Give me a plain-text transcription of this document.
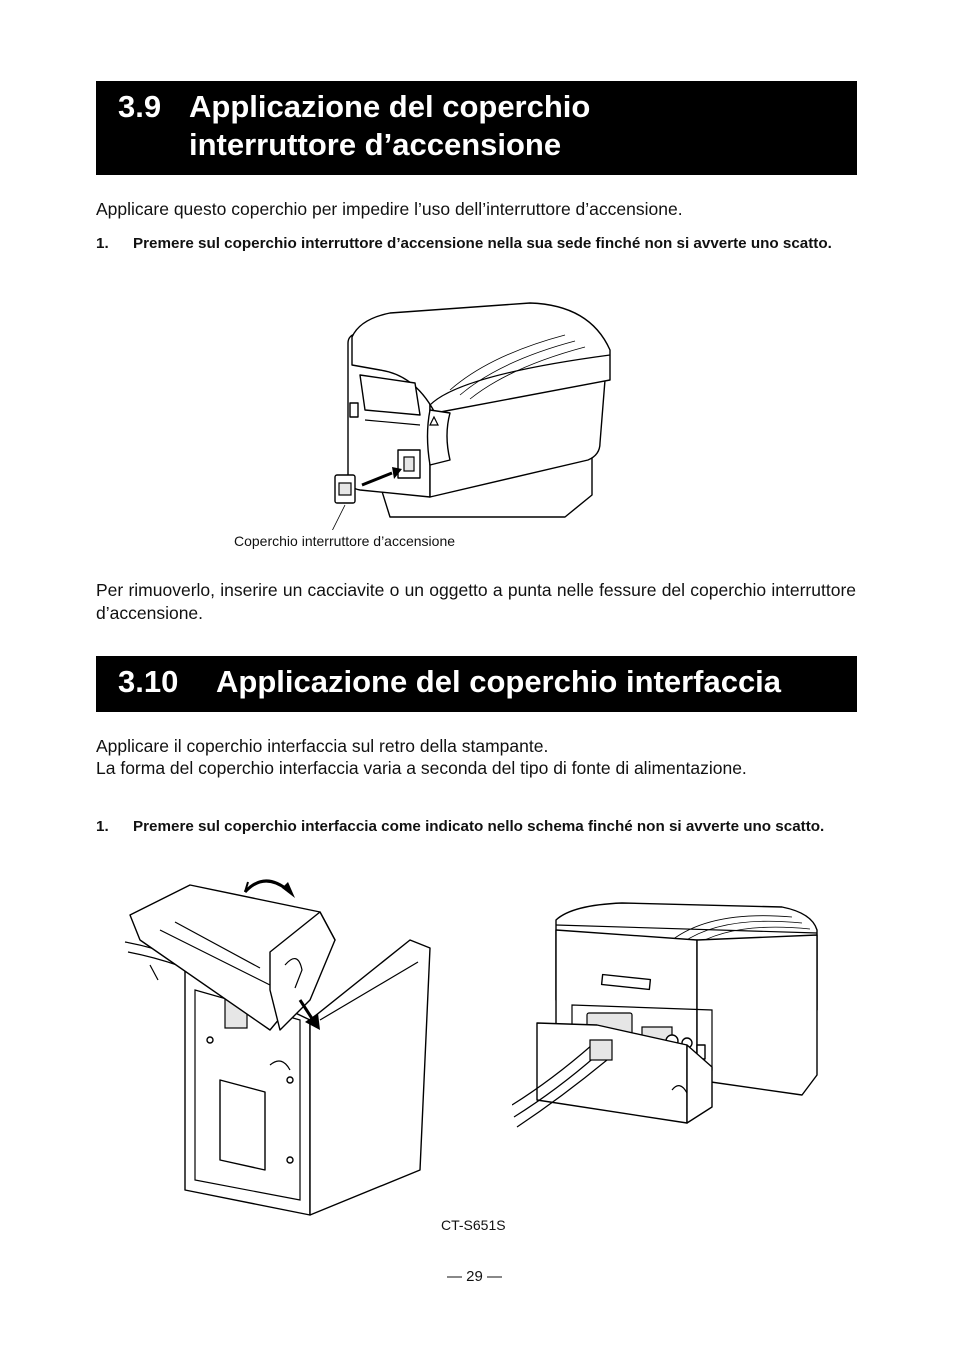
3.9 Applicazione del coperchio
interruttore d’accensione
Applicare questo coperchio per impedire l’uso dell’interruttore d’accensione.
1. Premere sul coperchio interruttore d’accensione nella sua sede finché non si avverte uno scatto.
Coperchio interruttore d’accensione
Per rimuoverlo, inserire un cacciavite o un oggetto a punta nelle fessure del coperchio interruttore d’accensione.
3.10 Applicazione del coperchio interfaccia
Applicare il coperchio interfaccia sul retro della stampante.
La forma del coperchio interfaccia varia a seconda del tipo di fonte di alimentazione.
1. Premere sul coperchio interfaccia come indicato nello schema finché non si avverte uno scatto.
CT-S651S
— 29 —
